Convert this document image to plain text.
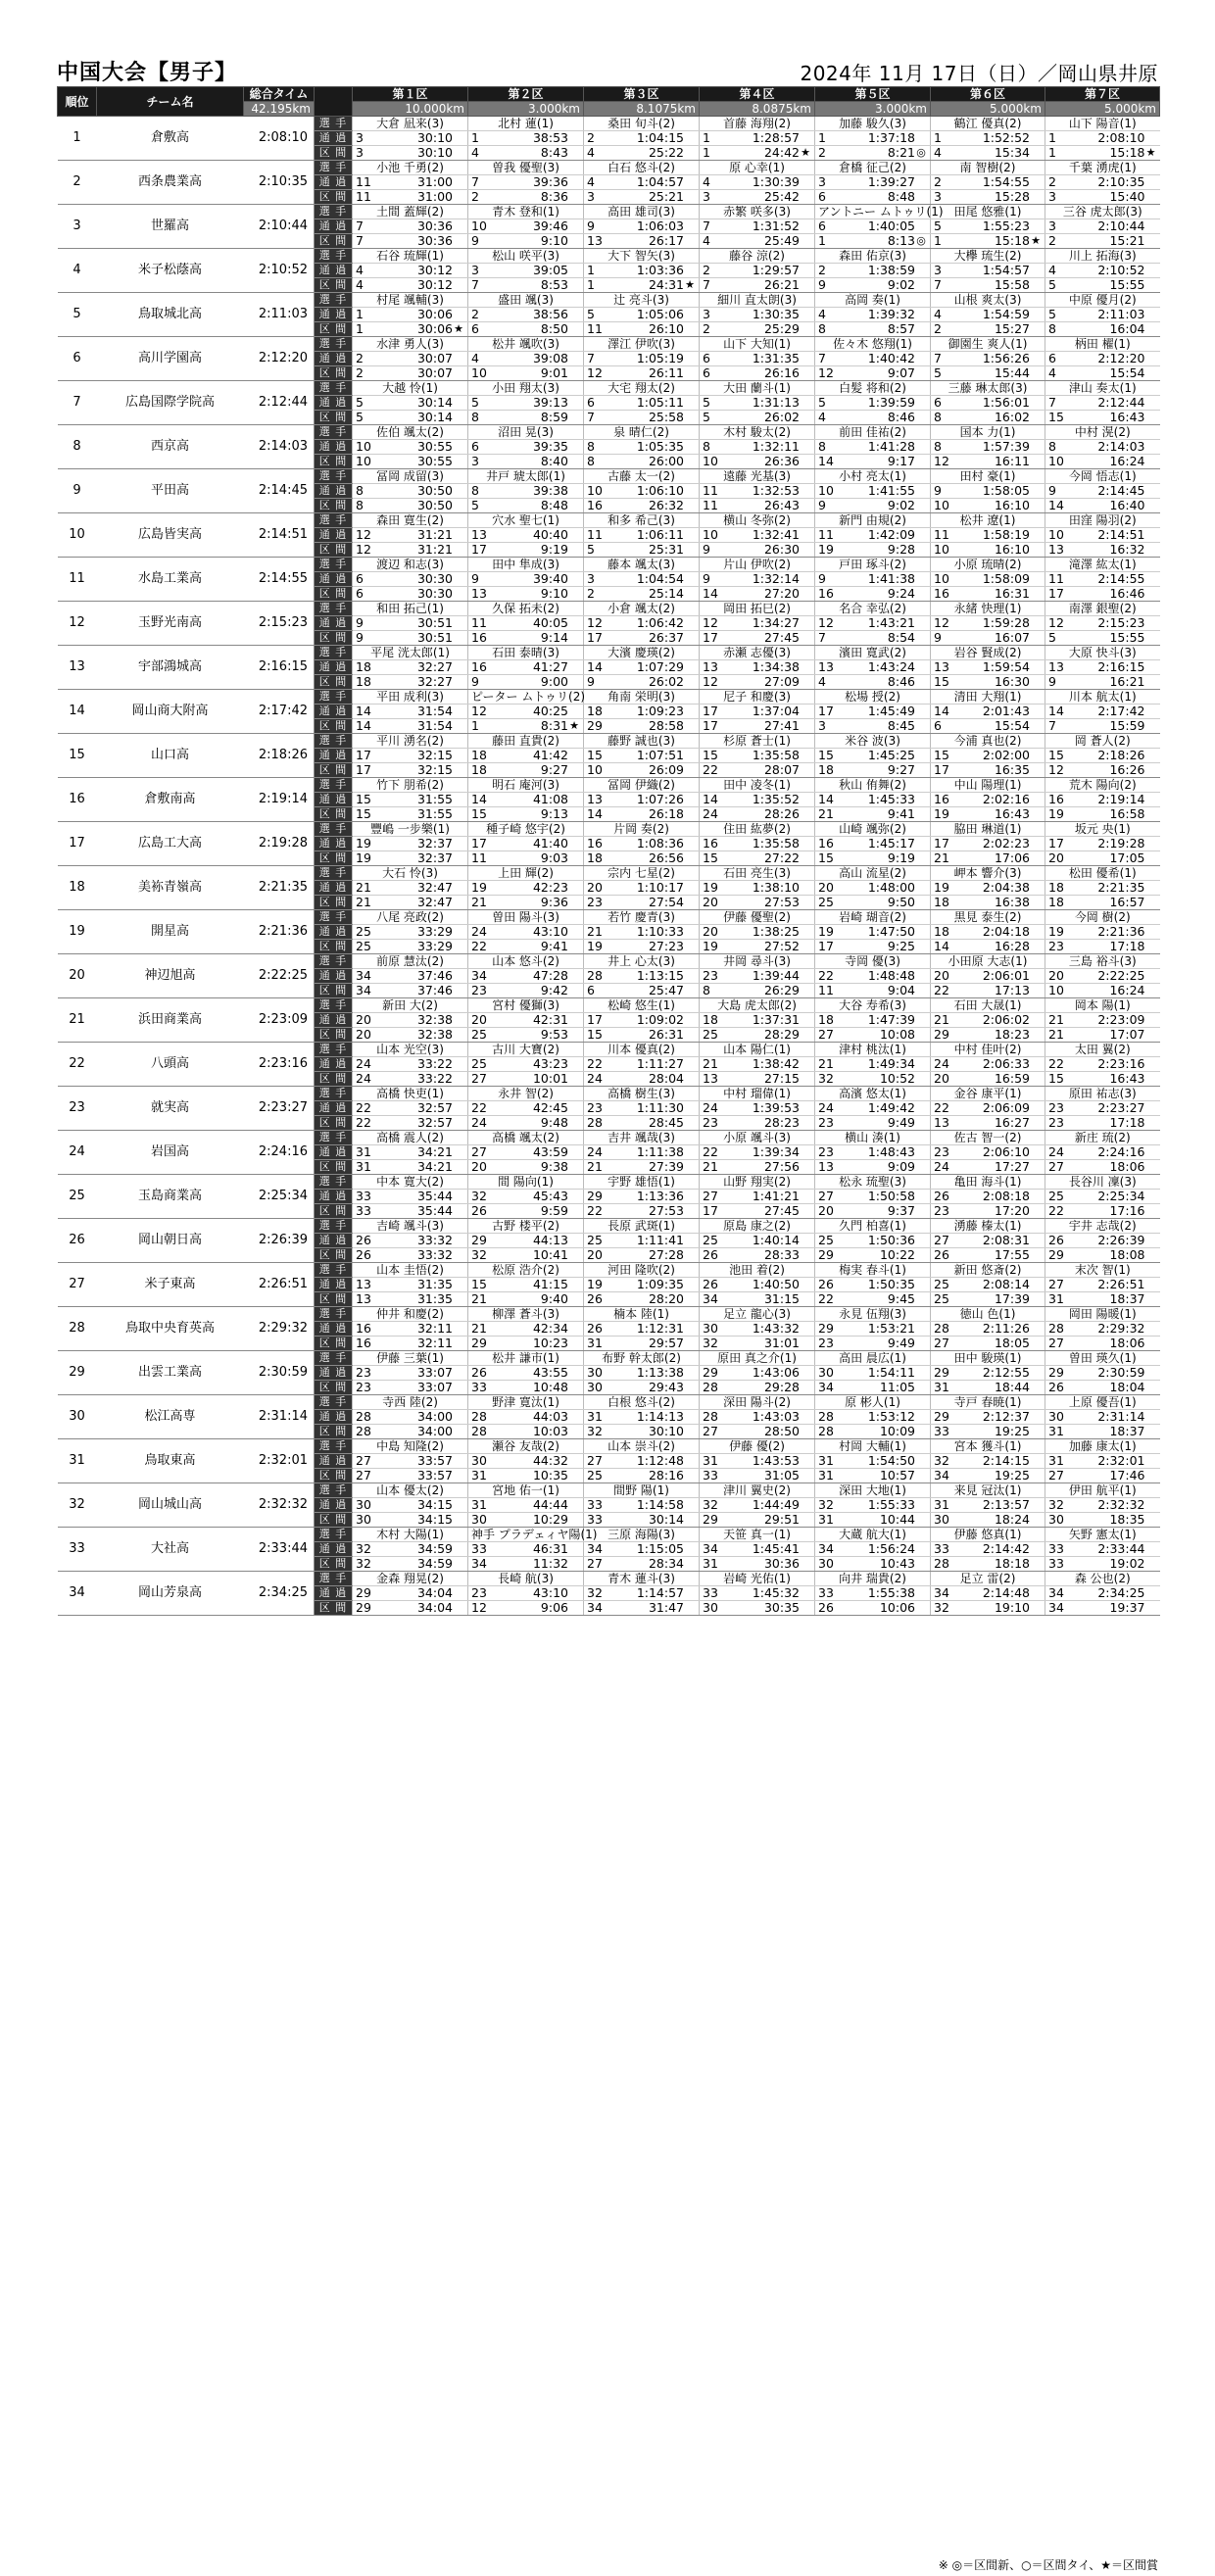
中国大会【男子】	2024年 11月 17日（日）／岡山県井原
順位	チーム名	総合タイム		第１区	第２区	第３区	第４区	第５区	第６区	第７区
		42.195km		10.000km	3.000km	8.1075km	8.0875km	3.000km	5.000km	5.000km
1	倉敷高	2:08:10	選 手	大倉 凪来(3)	北村 蓮(1)	桑田 旬斗(2)	首藤 海翔(2)	加藤 駿久(3)	鶴江 優真(2)	山下 陽音(1)
			通 過	3 30:10	1 38:53	2 1:04:15	1 1:28:57	1 1:37:18	1 1:52:52	1 2:08:10

			区 間	3 30:10	4 8:43	4 25:22	1 24:42 ★	2 8:21 ◎	4 15:34	1 15:18 ★

2	西条農業高	2:10:35	選 手	小池 千勇(2)	曽我 優聖(3)	白石 悠斗(2)	原 心幸(1)	倉橋 征己(2)	南 智樹(2)	千葉 湧虎(1)
			通 過	11 31:00	7 39:36	4 1:04:57	4 1:30:39	3 1:39:27	2 1:54:55	2 2:10:35

			区 間	11 31:00	2 8:36	3 25:21	3 25:42	6 8:48	3 15:28	3 15:40

3	世羅高	2:10:44	選 手	土間 蓋輝(2)	青木 登和(1)	高田 雄司(3)	赤繁 咲多(3)	アントニー ムトゥリ(1)	田尾 悠雅(1)	三谷 虎太郎(3)
			通 過	7 30:36	10 39:46	9 1:06:03	7 1:31:52	6 1:40:05	5 1:55:23	3 2:10:44

			区 間	7 30:36	9 9:10	13 26:17	4 25:49	1 8:13 ◎	1 15:18 ★	2 15:21

4	米子松蔭高	2:10:52	選 手	石谷 琉輝(1)	松山 咲平(3)	大下 智矢(3)	藤谷 涼(2)	森田 佑京(3)	大欅 琉生(2)	川上 拓海(3)
			通 過	4 30:12	3 39:05	1 1:03:36	2 1:29:57	2 1:38:59	3 1:54:57	4 2:10:52

			区 間	4 30:12	7 8:53	1 24:31 ★	7 26:21	9 9:02	7 15:58	5 15:55

5	鳥取城北高	2:11:03	選 手	村尾 颯輔(3)	盛田 颯(3)	辻 亮斗(3)	細川 直太朗(3)	高岡 奏(1)	山根 爽太(3)	中原 優月(2)
			通 過	1 30:06	2 38:56	5 1:05:06	3 1:30:35	4 1:39:32	4 1:54:59	5 2:11:03

			区 間	1 30:06 ★	6 8:50	11 26:10	2 25:29	8 8:57	2 15:27	8 16:04

6	高川学園高	2:12:20	選 手	水津 勇人(3)	松井 颯吹(3)	澤江 伊吹(3)	山下 大知(1)	佐々木 悠翔(1)	御園生 爽人(1)	柄田 櫂(1)
			通 過	2 30:07	4 39:08	7 1:05:19	6 1:31:35	7 1:40:42	7 1:56:26	6 2:12:20

			区 間	2 30:07	10 9:01	12 26:11	6 26:16	12 9:07	5 15:44	4 15:54

7	広島国際学院高	2:12:44	選 手	大越 怜(1)	小田 翔太(3)	大宅 翔太(2)	大田 蘭斗(1)	白髪 将和(2)	三藤 琳太郎(3)	津山 奏太(1)
			通 過	5 30:14	5 39:13	6 1:05:11	5 1:31:13	5 1:39:59	6 1:56:01	7 2:12:44

			区 間	5 30:14	8 8:59	7 25:58	5 26:02	4 8:46	8 16:02	15 16:43

8	西京高	2:14:03	選 手	佐伯 颯太(2)	沼田 晃(3)	泉 晴仁(2)	木村 駿太(2)	前田 佳祐(2)	国本 力(1)	中村 滉(2)
			通 過	10 30:55	6 39:35	8 1:05:35	8 1:32:11	8 1:41:28	8 1:57:39	8 2:14:03

			区 間	10 30:55	3 8:40	8 26:00	10 26:36	14 9:17	12 16:11	10 16:24

9	平田高	2:14:45	選 手	冨岡 成留(3)	井戸 琥太郎(1)	古藤 太一(2)	遠藤 光基(3)	小村 亮太(1)	田村 豪(1)	今岡 悟志(1)
			通 過	8 30:50	8 39:38	10 1:06:10	11 1:32:53	10 1:41:55	9 1:58:05	9 2:14:45

			区 間	8 30:50	5 8:48	16 26:32	11 26:43	9 9:02	10 16:10	14 16:40

10	広島皆実高	2:14:51	選 手	森田 寛生(2)	穴水 聖七(1)	和多 希己(3)	横山 冬弥(2)	新門 由規(2)	松井 遼(1)	田窪 陽羽(2)
			通 過	12 31:21	13 40:40	11 1:06:11	10 1:32:41	11 1:42:09	11 1:58:19	10 2:14:51

			区 間	12 31:21	17 9:19	5 25:31	9 26:30	19 9:28	10 16:10	13 16:32

11	水島工業高	2:14:55	選 手	渡辺 和志(3)	田中 隼成(3)	藤本 颯太(3)	片山 伊吹(2)	戸田 琢斗(2)	小原 琉晴(2)	滝澤 紘太(1)
			通 過	6 30:30	9 39:40	3 1:04:54	9 1:32:14	9 1:41:38	10 1:58:09	11 2:14:55

			区 間	6 30:30	13 9:10	2 25:14	14 27:20	16 9:24	16 16:31	17 16:46

12	玉野光南高	2:15:23	選 手	和田 拓己(1)	久保 拓未(2)	小倉 颯太(2)	岡田 拓巳(2)	名合 幸弘(2)	永緒 快理(1)	南澤 銀聖(2)
			通 過	9 30:51	11 40:05	12 1:06:42	12 1:34:27	12 1:43:21	12 1:59:28	12 2:15:23

			区 間	9 30:51	16 9:14	17 26:37	17 27:45	7 8:54	9 16:07	5 15:55

13	宇部鴻城高	2:16:15	選 手	平尾 洸太郎(1)	石田 泰晴(3)	大濱 慶瑛(2)	赤瀬 志優(3)	濱田 寛武(2)	岩谷 賢成(2)	大原 快斗(3)
			通 過	18 32:27	16 41:27	14 1:07:29	13 1:34:38	13 1:43:24	13 1:59:54	13 2:16:15

			区 間	18 32:27	9 9:00	9 26:02	12 27:09	4 8:46	15 16:30	9 16:21

14	岡山商大附高	2:17:42	選 手	平田 成利(3)	ピーター ムトゥリ(2)	角南 栄明(3)	尼子 和慶(3)	松場 授(2)	清田 大翔(1)	川本 航太(1)
			通 過	14 31:54	12 40:25	18 1:09:23	17 1:37:04	17 1:45:49	14 2:01:43	14 2:17:42

			区 間	14 31:54	1 8:31 ★	29 28:58	17 27:41	3 8:45	6 15:54	7 15:59

15	山口高	2:18:26	選 手	平川 湧名(2)	藤田 直貴(2)	藤野 誠也(3)	杉原 蒼士(1)	米谷 波(3)	今浦 真也(2)	岡 蒼人(2)
			通 過	17 32:15	18 41:42	15 1:07:51	15 1:35:58	15 1:45:25	15 2:02:00	15 2:18:26

			区 間	17 32:15	18 9:27	10 26:09	22 28:07	18 9:27	17 16:35	12 16:26

16	倉敷南高	2:19:14	選 手	竹下 朋希(2)	明石 庵河(3)	冨岡 伊織(2)	田中 凌冬(1)	秋山 侑舞(2)	中山 陽理(1)	荒木 陽向(2)
			通 過	15 31:55	14 41:08	13 1:07:26	14 1:35:52	14 1:45:33	16 2:02:16	16 2:19:14

			区 間	15 31:55	15 9:13	14 26:18	24 28:26	21 9:41	19 16:43	19 16:58

17	広島工大高	2:19:28	選 手	豐嶋 一步樂(1)	種子崎 悠宇(2)	片岡 奏(2)	住田 紘夢(2)	山崎 颯弥(2)	脇田 琳道(1)	坂元 央(1)
			通 過	19 32:37	17 41:40	16 1:08:36	16 1:35:58	16 1:45:17	17 2:02:23	17 2:19:28

			区 間	19 32:37	11 9:03	18 26:56	15 27:22	15 9:19	21 17:06	20 17:05

18	美袮青嶺高	2:21:35	選 手	大石 怜(3)	上田 輝(2)	宗内 七星(2)	石田 亮生(3)	高山 流星(2)	岬本 響介(3)	松田 優希(1)
			通 過	21 32:47	19 42:23	20 1:10:17	19 1:38:10	20 1:48:00	19 2:04:38	18 2:21:35

			区 間	21 32:47	21 9:36	23 27:54	20 27:53	25 9:50	18 16:38	18 16:57

19	開星高	2:21:36	選 手	八尾 亮政(2)	曽田 陽斗(3)	若竹 慶青(3)	伊藤 優聖(2)	岩崎 瑚音(2)	黒見 泰生(2)	今岡 樹(2)
			通 過	25 33:29	24 43:10	21 1:10:33	20 1:38:25	19 1:47:50	18 2:04:18	19 2:21:36

			区 間	25 33:29	22 9:41	19 27:23	19 27:52	17 9:25	14 16:28	23 17:18

20	神辺旭高	2:22:25	選 手	前原 慧汰(2)	山本 悠斗(2)	井上 心太(3)	井岡 尋斗(3)	寺岡 優(3)	小田原 大志(1)	三島 裕斗(3)
			通 過	34 37:46	34 47:28	28 1:13:15	23 1:39:44	22 1:48:48	20 2:06:01	20 2:22:25

			区 間	34 37:46	23 9:42	6 25:47	8 26:29	11 9:04	22 17:13	10 16:24

21	浜田商業高	2:23:09	選 手	新田 大(2)	宮村 優獅(3)	松崎 悠生(1)	大島 虎太郎(2)	大谷 寿希(3)	石田 大晟(1)	岡本 陽(1)
			通 過	20 32:38	20 42:31	17 1:09:02	18 1:37:31	18 1:47:39	21 2:06:02	21 2:23:09

			区 間	20 32:38	25 9:53	15 26:31	25 28:29	27 10:08	29 18:23	21 17:07

22	八頭高	2:23:16	選 手	山本 光空(3)	古川 大寶(2)	川本 優真(2)	山本 陽仁(1)	津村 桃汰(1)	中村 佳叶(2)	太田 翼(2)
			通 過	24 33:22	25 43:23	22 1:11:27	21 1:38:42	21 1:49:34	24 2:06:33	22 2:23:16

			区 間	24 33:22	27 10:01	24 28:04	13 27:15	32 10:52	20 16:59	15 16:43

23	就実高	2:23:27	選 手	高橋 快吏(1)	永井 智(2)	高橋 樹生(3)	中村 瑠偉(1)	高濱 悠太(1)	金谷 康平(1)	原田 祐志(3)
			通 過	22 32:57	22 42:45	23 1:11:30	24 1:39:53	24 1:49:42	22 2:06:09	23 2:23:27

			区 間	22 32:57	24 9:48	28 28:45	23 28:23	23 9:49	13 16:27	23 17:18

24	岩国高	2:24:16	選 手	高橋 震人(2)	高橋 颯太(2)	吉井 颯哉(3)	小原 颯斗(3)	横山 湊(1)	佐古 智一(2)	新庄 琉(2)
			通 過	31 34:21	27 43:59	24 1:11:38	22 1:39:34	23 1:48:43	23 2:06:10	24 2:24:16

			区 間	31 34:21	20 9:38	21 27:39	21 27:56	13 9:09	24 17:27	27 18:06

25	玉島商業高	2:25:34	選 手	中本 寛大(2)	間 陽向(1)	宇野 雄悟(1)	山野 翔実(2)	松永 琉聖(3)	亀田 海斗(1)	長谷川 凜(3)
			通 過	33 35:44	32 45:43	29 1:13:36	27 1:41:21	27 1:50:58	26 2:08:18	25 2:25:34

			区 間	33 35:44	26 9:59	22 27:53	17 27:45	20 9:37	23 17:20	22 17:16

26	岡山朝日高	2:26:39	選 手	吉崎 颯斗(3)	古野 楼平(2)	長原 武斑(1)	原島 康之(2)	久門 柏喜(1)	湧藤 榛太(1)	宇井 志哉(2)
			通 過	26 33:32	29 44:13	25 1:11:41	25 1:40:14	25 1:50:36	27 2:08:31	26 2:26:39

			区 間	26 33:32	32 10:41	20 27:28	26 28:33	29 10:22	26 17:55	29 18:08

27	米子東高	2:26:51	選 手	山本 圭悟(2)	松原 浩介(2)	河田 隆吹(2)	池田 着(2)	梅実 春斗(1)	新田 悠斎(2)	末次 智(1)
			通 過	13 31:35	15 41:15	19 1:09:35	26 1:40:50	26 1:50:35	25 2:08:14	27 2:26:51

			区 間	13 31:35	21 9:40	26 28:20	34 31:15	22 9:45	25 17:39	31 18:37

28	鳥取中央育英高	2:29:32	選 手	仲井 和慶(2)	柳澤 蒼斗(3)	楠本 陸(1)	足立 龍心(3)	永見 伍翔(3)	徳山 色(1)	岡田 陽暖(1)
			通 過	16 32:11	21 42:34	26 1:12:31	30 1:43:32	29 1:53:21	28 2:11:26	28 2:29:32

			区 間	16 32:11	29 10:23	31 29:57	32 31:01	23 9:49	27 18:05	27 18:06

29	出雲工業高	2:30:59	選 手	伊藤 三葉(1)	松井 謙市(1)	布野 幹太郎(2)	原田 真之介(1)	高田 晨広(1)	田中 駿瑛(1)	曽田 瑛久(1)
			通 過	23 33:07	26 43:55	30 1:13:38	29 1:43:06	30 1:54:11	29 2:12:55	29 2:30:59

			区 間	23 33:07	33 10:48	30 29:43	28 29:28	34 11:05	31 18:44	26 18:04

30	松江高専	2:31:14	選 手	寺西 陸(2)	野津 寛汰(1)	白根 悠斗(2)	深田 陽斗(2)	原 彬人(1)	寺戸 春暁(1)	上原 優吾(1)
			通 過	28 34:00	28 44:03	31 1:14:13	28 1:43:03	28 1:53:12	29 2:12:37	30 2:31:14

			区 間	28 34:00	28 10:03	32 30:10	27 28:50	28 10:09	33 19:25	31 18:37

31	鳥取東高	2:32:01	選 手	中島 知隆(2)	瀬谷 友哉(2)	山本 崇斗(2)	伊藤 優(2)	村岡 大輔(1)	宮本 獲斗(1)	加藤 康太(1)
			通 過	27 33:57	30 44:32	27 1:12:48	31 1:43:53	31 1:54:50	32 2:14:15	31 2:32:01

			区 間	27 33:57	31 10:35	25 28:16	33 31:05	31 10:57	34 19:25	27 17:46

32	岡山城山高	2:32:32	選 手	山本 優太(2)	宮地 佑一(1)	間野 陽(1)	津川 翼史(2)	深田 大地(1)	来見 冠汰(1)	伊田 航平(1)
			通 過	30 34:15	31 44:44	33 1:14:58	32 1:44:49	32 1:55:33	31 2:13:57	32 2:32:32

			区 間	30 34:15	30 10:29	33 30:14	29 29:51	31 10:44	30 18:24	30 18:35

33	大社高	2:33:44	選 手	木村 大陽(1)	神手 プラデェィヤ陽(1)	三原 海陽(3)	天笹 真一(1)	大蔵 航大(1)	伊藤 悠真(1)	矢野 憲太(1)
			通 過	32 34:59	33 46:31	34 1:15:05	34 1:45:41	34 1:56:24	33 2:14:42	33 2:33:44

			区 間	32 34:59	34 11:32	27 28:34	31 30:36	30 10:43	28 18:18	33 19:02

34	岡山芳泉高	2:34:25	選 手	金森 翔晃(2)	長崎 航(3)	青木 蓮斗(3)	岩崎 光佑(1)	向井 瑞貴(2)	足立 雷(2)	森 公也(2)
			通 過	29 34:04	23 43:10	32 1:14:57	33 1:45:32	33 1:55:38	34 2:14:48	34 2:34:25

			区 間	29 34:04	12 9:06	34 31:47	30 30:35	26 10:06	32 19:10	34 19:37
※ ◎＝区間新、○＝区間タイ、★＝区間賞
